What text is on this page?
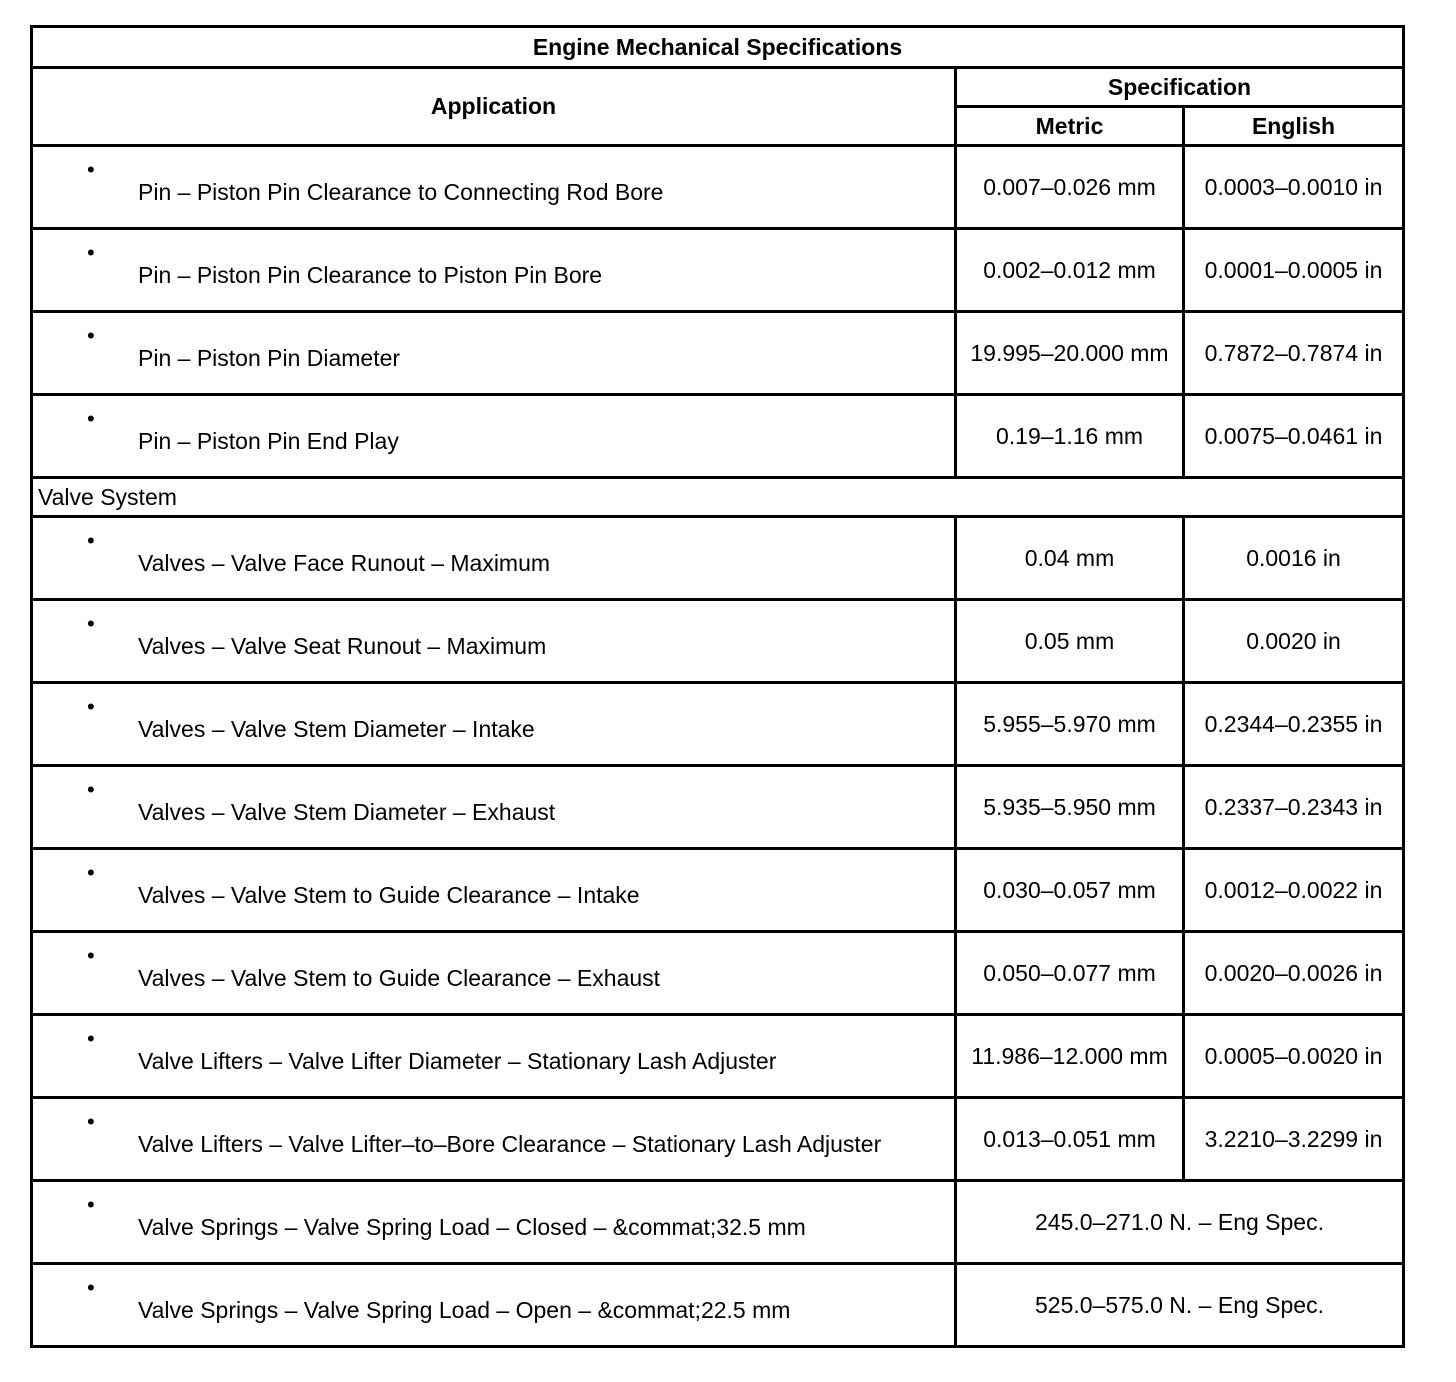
Engine Mechanical Specifications		
Application	Specification	
	Metric	English

•
Pin – Piston Pin Clearance to Connecting Rod Bore	0.007–0.026 mm	0.0003–0.0010 in

•
Pin – Piston Pin Clearance to Piston Pin Bore	0.002–0.012 mm	0.0001–0.0005 in

•
Pin – Piston Pin Diameter	19.995–20.000 mm	0.7872–0.7874 in

•
Pin – Piston Pin End Play	0.19–1.16 mm	0.0075–0.0461 in
Valve System		

•
Valves – Valve Face Runout – Maximum	0.04 mm	0.0016 in

•
Valves – Valve Seat Runout – Maximum	0.05 mm	0.0020 in

•
Valves – Valve Stem Diameter – Intake	5.955–5.970 mm	0.2344–0.2355 in

•
Valves – Valve Stem Diameter – Exhaust	5.935–5.950 mm	0.2337–0.2343 in

•
Valves – Valve Stem to Guide Clearance – Intake	0.030–0.057 mm	0.0012–0.0022 in

•
Valves – Valve Stem to Guide Clearance – Exhaust	0.050–0.077 mm	0.0020–0.0026 in

•
Valve Lifters – Valve Lifter Diameter – Stationary Lash Adjuster	11.986–12.000 mm	0.0005–0.0020 in

•
Valve Lifters – Valve Lifter–to–Bore Clearance – Stationary Lash Adjuster	0.013–0.051 mm	3.2210–3.2299 in

•
Valve Springs – Valve Spring Load – Closed – &commat;32.5 mm	245.0–271.0 N. – Eng Spec.	

•
Valve Springs – Valve Spring Load – Open – &commat;22.5 mm	525.0–575.0 N. – Eng Spec.	
